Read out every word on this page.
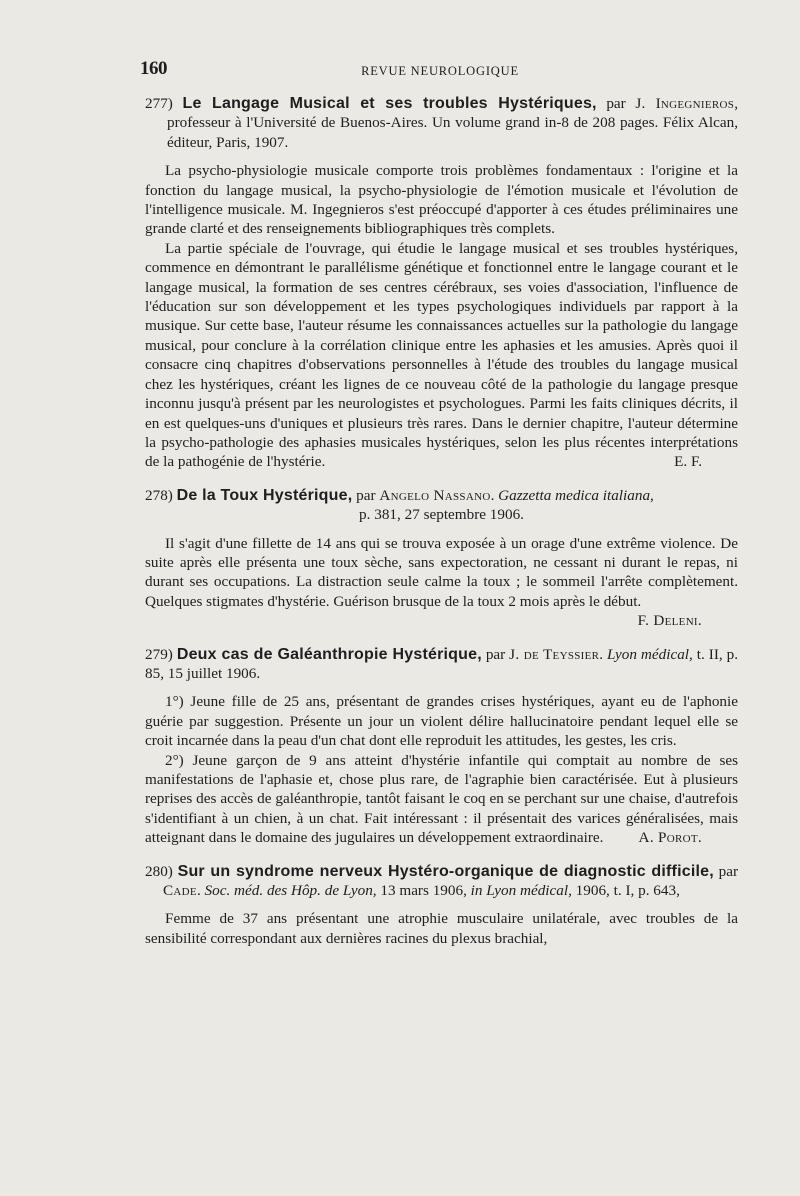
160	REVUE NEUROLOGIQUE

277) Le Langage Musical et ses troubles Hystériques, par J. Ingegnieros, professeur à l'Université de Buenos-Aires. Un volume grand in-8 de 208 pages. Félix Alcan, éditeur, Paris, 1907.

La psycho-physiologie musicale comporte trois problèmes fondamentaux : l'origine et la fonction du langage musical, la psycho-physiologie de l'émotion musicale et l'évolution de l'intelligence musicale. M. Ingegnieros s'est préoccupé d'apporter à ces études préliminaires une grande clarté et des renseignements bibliographiques très complets.

La partie spéciale de l'ouvrage, qui étudie le langage musical et ses troubles hystériques, commence en démontrant le parallélisme génétique et fonctionnel entre le langage courant et le langage musical, la formation de ses centres cérébraux, ses voies d'association, l'influence de l'éducation sur son développement et les types psychologiques individuels par rapport à la musique. Sur cette base, l'auteur résume les connaissances actuelles sur la pathologie du langage musical, pour conclure à la corrélation clinique entre les aphasies et les amusies. Après quoi il consacre cinq chapitres d'observations personnelles à l'étude des troubles du langage musical chez les hystériques, créant les lignes de ce nouveau côté de la pathologie du langage presque inconnu jusqu'à présent par les neurologistes et psychologues. Parmi les faits cliniques décrits, il en est quelques-uns d'uniques et plusieurs très rares. Dans le dernier chapitre, l'auteur détermine la psycho-pathologie des aphasies musicales hystériques, selon les plus récentes interprétations de la pathogénie de l'hystérie.	E. F.

278) De la Toux Hystérique, par Angelo Nassano. Gazzetta medica italiana,
p. 381, 27 septembre 1906.

Il s'agit d'une fillette de 14 ans qui se trouva exposée à un orage d'une extrême violence. De suite après elle présenta une toux sèche, sans expectoration, ne cessant ni durant le repas, ni durant ses occupations. La distraction seule calme la toux ; le sommeil l'arrête complètement. Quelques stigmates d'hystérie. Guérison brusque de la toux 2 mois après le début.
F. Deleni.

279) Deux cas de Galéanthropie Hystérique, par J. de Teyssier. Lyon médical, t. II, p. 85, 15 juillet 1906.

1°) Jeune fille de 25 ans, présentant de grandes crises hystériques, ayant eu de l'aphonie guérie par suggestion. Présente un jour un violent délire hallucinatoire pendant lequel elle se croit incarnée dans la peau d'un chat dont elle reproduit les attitudes, les gestes, les cris.

2°) Jeune garçon de 9 ans atteint d'hystérie infantile qui comptait au nombre de ses manifestations de l'aphasie et, chose plus rare, de l'agraphie bien caractérisée. Eut à plusieurs reprises des accès de galéanthropie, tantôt faisant le coq en se perchant sur une chaise, d'autrefois s'identifiant à un chien, à un chat. Fait intéressant : il présentait des varices généralisées, mais atteignant dans le domaine des jugulaires un développement extraordinaire.	A. Porot.

280) Sur un syndrome nerveux Hystéro-organique de diagnostic difficile, par Cade. Soc. méd. des Hôp. de Lyon, 13 mars 1906, in Lyon médical, 1906, t. I, p. 643,

Femme de 37 ans présentant une atrophie musculaire unilatérale, avec troubles de la sensibilité correspondant aux dernières racines du plexus brachial,
